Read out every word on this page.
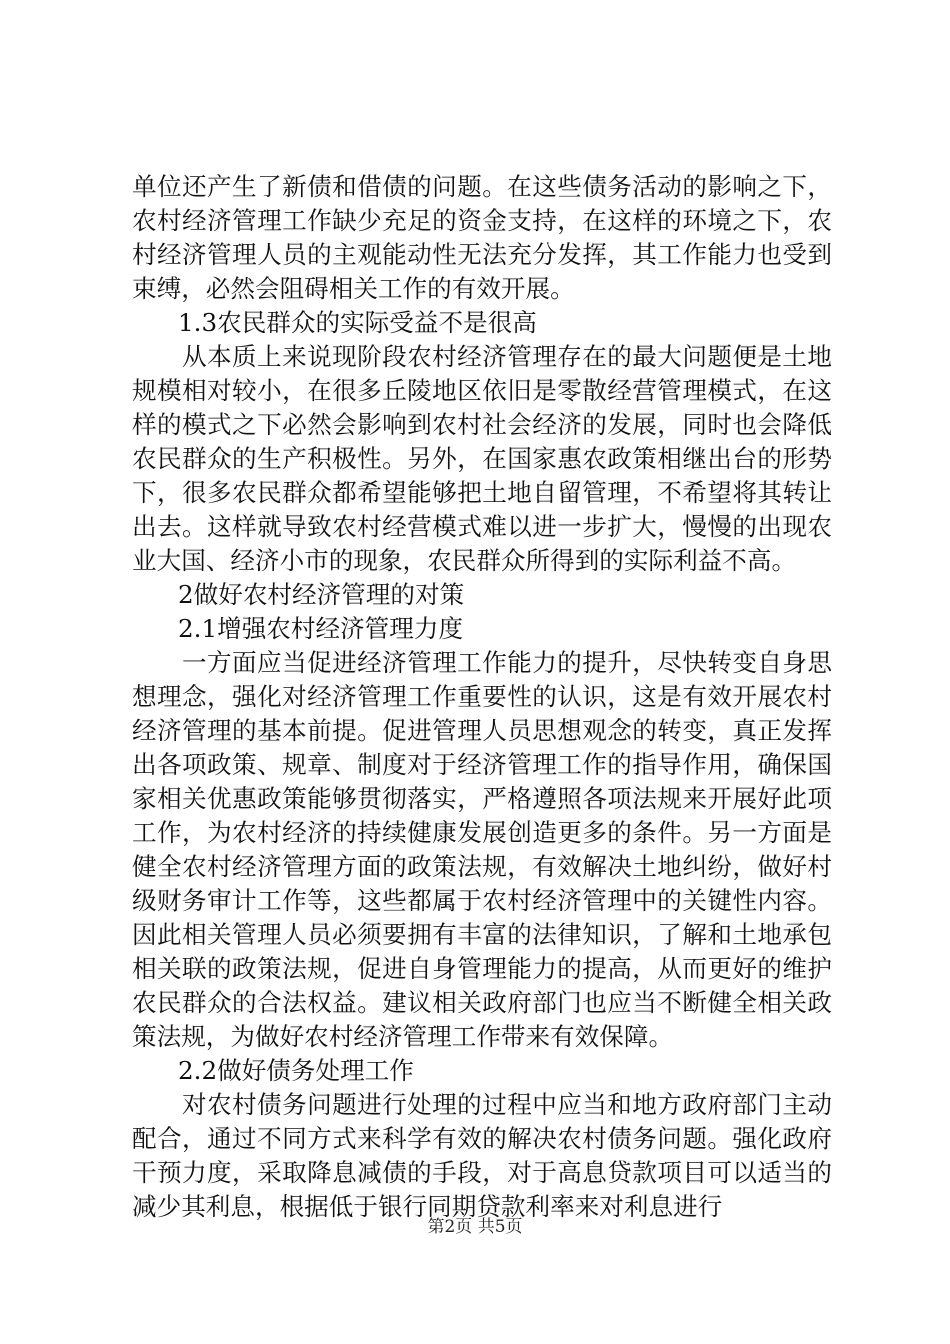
单位还产生了新债和借债的问题。在这些债务活动的影响之下，农村经济管理工作缺少充足的资金支持，在这样的环境之下，农村经济管理人员的主观能动性无法充分发挥，其工作能力也受到束缚，必然会阻碍相关工作的有效开展。

1.3农民群众的实际受益不是很高

从本质上来说现阶段农村经济管理存在的最大问题便是土地规模相对较小，在很多丘陵地区依旧是零散经营管理模式，在这样的模式之下必然会影响到农村社会经济的发展，同时也会降低农民群众的生产积极性。另外，在国家惠农政策相继出台的形势下，很多农民群众都希望能够把土地自留管理，不希望将其转让出去。这样就导致农村经营模式难以进一步扩大，慢慢的出现农业大国、经济小市的现象，农民群众所得到的实际利益不高。

2做好农村经济管理的对策

2.1增强农村经济管理力度

一方面应当促进经济管理工作能力的提升，尽快转变自身思想理念，强化对经济管理工作重要性的认识，这是有效开展农村经济管理的基本前提。促进管理人员思想观念的转变，真正发挥出各项政策、规章、制度对于经济管理工作的指导作用，确保国家相关优惠政策能够贯彻落实，严格遵照各项法规来开展好此项工作，为农村经济的持续健康发展创造更多的条件。另一方面是健全农村经济管理方面的政策法规，有效解决土地纠纷，做好村级财务审计工作等，这些都属于农村经济管理中的关键性内容。因此相关管理人员必须要拥有丰富的法律知识，了解和土地承包相关联的政策法规，促进自身管理能力的提高，从而更好的维护农民群众的合法权益。建议相关政府部门也应当不断健全相关政策法规，为做好农村经济管理工作带来有效保障。

2.2做好债务处理工作

对农村债务问题进行处理的过程中应当和地方政府部门主动配合，通过不同方式来科学有效的解决农村债务问题。强化政府干预力度，采取降息减债的手段，对于高息贷款项目可以适当的减少其利息，根据低于银行同期贷款利率来对利息进行

第2页 共5页
